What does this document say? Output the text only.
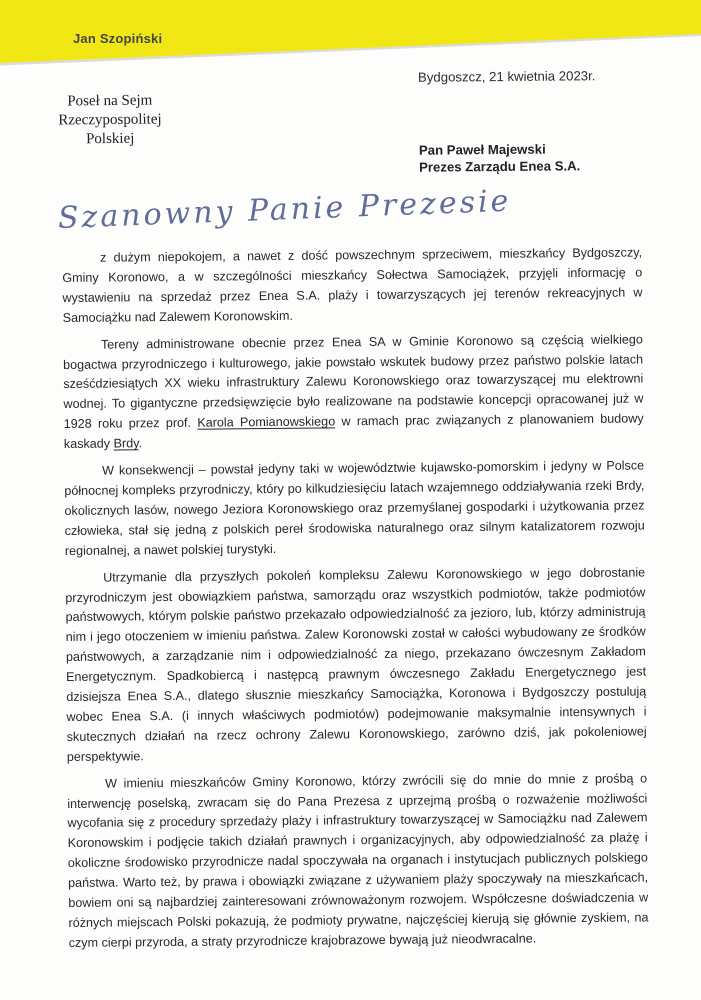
Jan Szopiński
Bydgoszcz, 21 kwietnia 2023r.
Poseł na Sejm
Rzeczypospolitej Polskiej
Pan Paweł Majewski
Prezes Zarządu Enea S.A.
Szanowny Panie Prezesie

z dużym niepokojem, a nawet z dość powszechnym sprzeciwem, mieszkańcy Bydgoszczy, Gminy Koronowo, a w szczególności mieszkańcy Sołectwa Samociążek, przyjęli informację o wystawieniu na sprzedaż przez Enea S.A. plaży i towarzyszących jej terenów rekreacyjnych w Samociążku nad Zalewem Koronowskim.

Tereny administrowane obecnie przez Enea SA w Gminie Koronowo są częścią wielkiego bogactwa przyrodniczego i kulturowego, jakie powstało wskutek budowy przez państwo polskie latach sześćdziesiątych XX wieku infrastruktury Zalewu Koronowskiego oraz towarzyszącej mu elektrowni wodnej. To gigantyczne przedsięwzięcie było realizowane na podstawie koncepcji opracowanej już w 1928 roku przez prof. Karola Pomianowskiego w ramach prac związanych z planowaniem budowy kaskady Brdy.

W konsekwencji – powstał jedyny taki w województwie kujawsko-pomorskim i jedyny w Polsce północnej kompleks przyrodniczy, który po kilkudziesięciu latach wzajemnego oddziaływania rzeki Brdy, okolicznych lasów, nowego Jeziora Koronowskiego oraz przemyślanej gospodarki i użytkowania przez człowieka, stał się jedną z polskich pereł środowiska naturalnego oraz silnym katalizatorem rozwoju regionalnej, a nawet polskiej turystyki.

Utrzymanie dla przyszłych pokoleń kompleksu Zalewu Koronowskiego w jego dobrostanie przyrodniczym jest obowiązkiem państwa, samorządu oraz wszystkich podmiotów, także podmiotów państwowych, którym polskie państwo przekazało odpowiedzialność za jezioro, lub, którzy administrują nim i jego otoczeniem w imieniu państwa. Zalew Koronowski został w całości wybudowany ze środków państwowych, a zarządzanie nim i odpowiedzialność za niego, przekazano ówczesnym Zakładom Energetycznym. Spadkobiercą i następcą prawnym ówczesnego Zakładu Energetycznego jest dzisiejsza Enea S.A., dlatego słusznie mieszkańcy Samociążka, Koronowa i Bydgoszczy postulują wobec Enea S.A. (i innych właściwych podmiotów) podejmowanie maksymalnie intensywnych i skutecznych działań na rzecz ochrony Zalewu Koronowskiego, zarówno dziś, jak pokoleniowej perspektywie.

W imieniu mieszkańców Gminy Koronowo, którzy zwrócili się do mnie do mnie z prośbą o interwencję poselską, zwracam się do Pana Prezesa z uprzejmą prośbą o rozważenie możliwości wycofania się z procedury sprzedaży plaży i infrastruktury towarzyszącej w Samociążku nad Zalewem Koronowskim i podjęcie takich działań prawnych i organizacyjnych, aby odpowiedzialność za plażę i okoliczne środowisko przyrodnicze nadal spoczywała na organach i instytucjach publicznych polskiego państwa. Warto też, by prawa i obowiązki związane z używaniem plaży spoczywały na mieszkańcach, bowiem oni są najbardziej zainteresowani zrównoważonym rozwojem. Współczesne doświadczenia w różnych miejscach Polski pokazują, że podmioty prywatne, najczęściej kierują się głównie zyskiem, na czym cierpi przyroda, a straty przyrodnicze krajobrazowe bywają już nieodwracalne.
